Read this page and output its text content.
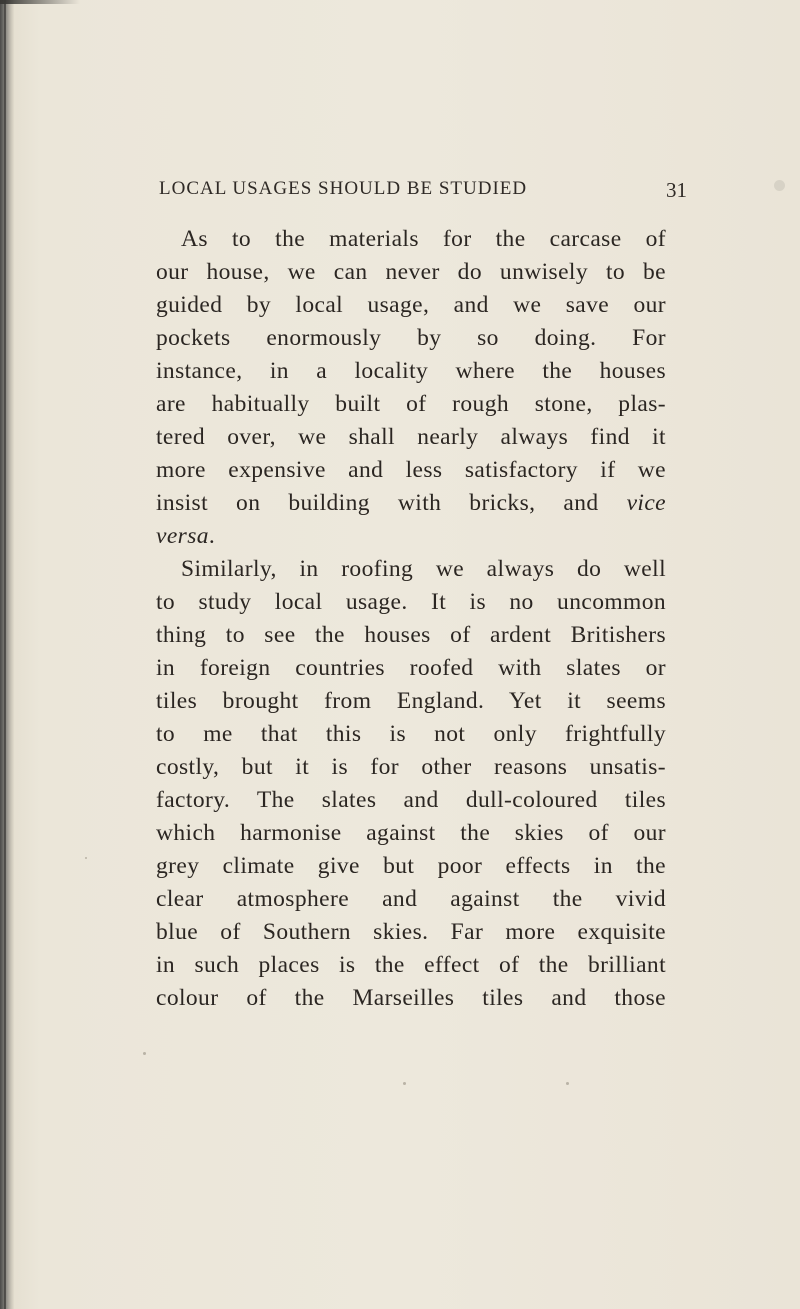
LOCAL USAGES SHOULD BE STUDIED	31
As to the materials for the carcase of
our house, we can never do unwisely to be
guided by local usage, and we save our
pockets enormously by so doing. For
instance, in a locality where the houses
are habitually built of rough stone, plas-
tered over, we shall nearly always find it
more expensive and less satisfactory if we
insist on building with bricks, and vice
versa.
Similarly, in roofing we always do well
to study local usage. It is no uncommon
thing to see the houses of ardent Britishers
in foreign countries roofed with slates or
tiles brought from England. Yet it seems
to me that this is not only frightfully
costly, but it is for other reasons unsatis-
factory. The slates and dull-coloured tiles
which harmonise against the skies of our
grey climate give but poor effects in the
clear atmosphere and against the vivid
blue of Southern skies. Far more exquisite
in such places is the effect of the brilliant
colour of the Marseilles tiles and those
